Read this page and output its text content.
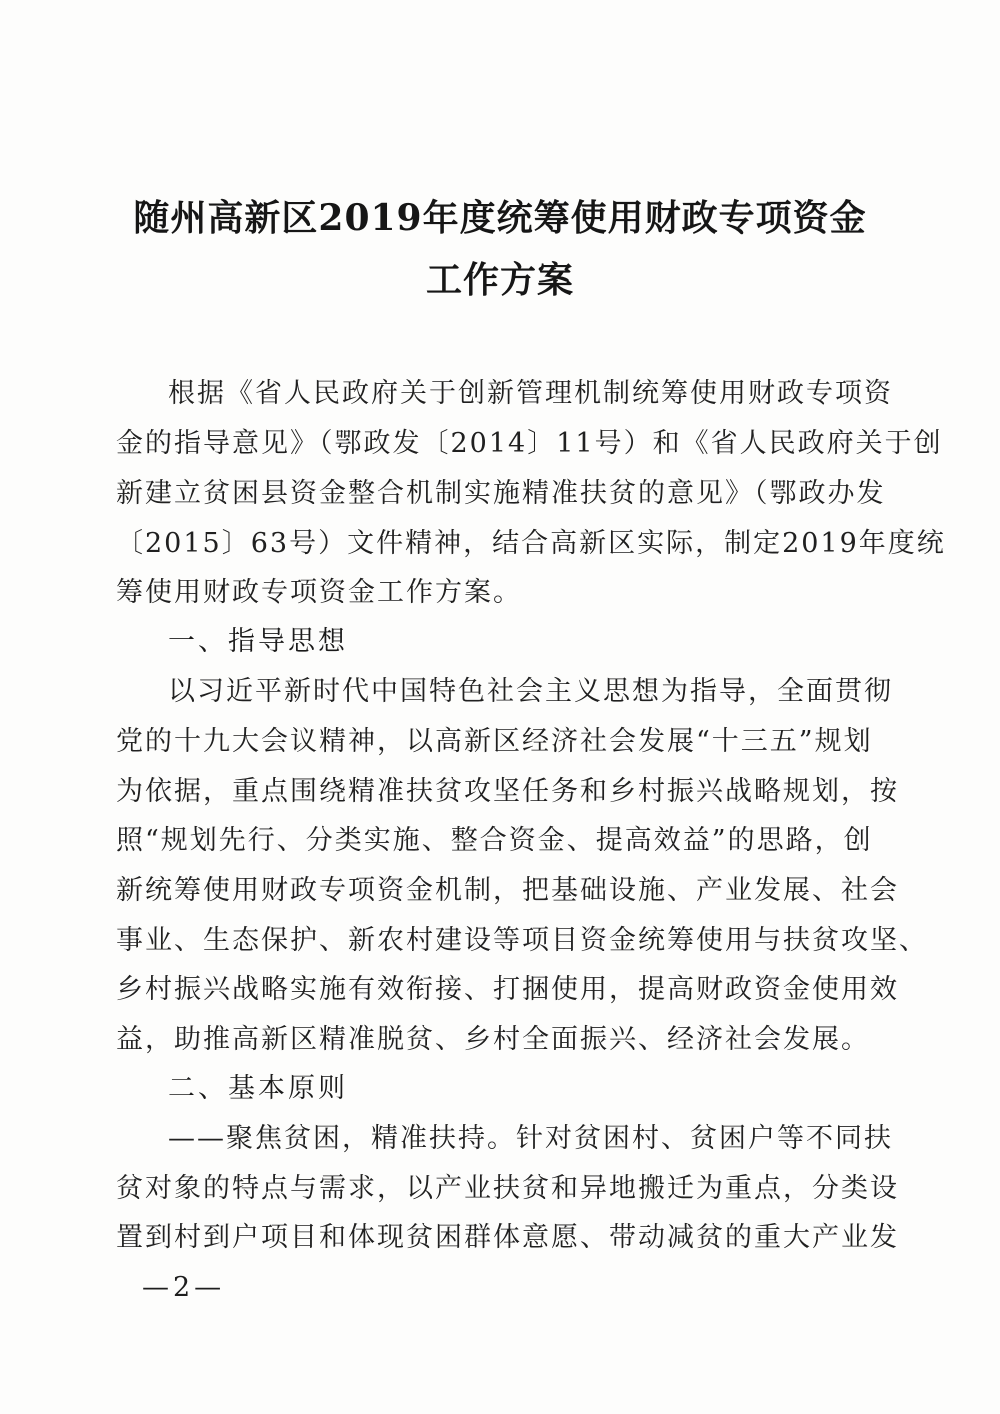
随州高新区2019年度统筹使用财政专项资金
工作方案
根据《省人民政府关于创新管理机制统筹使用财政专项资
金的指导意见》（鄂政发〔2014〕11号）和《省人民政府关于创
新建立贫困县资金整合机制实施精准扶贫的意见》（鄂政办发
〔2015〕63号）文件精神，结合高新区实际，制定2019年度统
筹使用财政专项资金工作方案。
一、指导思想
以习近平新时代中国特色社会主义思想为指导，全面贯彻
党的十九大会议精神，以高新区经济社会发展“十三五”规划
为依据，重点围绕精准扶贫攻坚任务和乡村振兴战略规划，按
照“规划先行、分类实施、整合资金、提高效益”的思路，创
新统筹使用财政专项资金机制，把基础设施、产业发展、社会
事业、生态保护、新农村建设等项目资金统筹使用与扶贫攻坚、
乡村振兴战略实施有效衔接、打捆使用，提高财政资金使用效
益，助推高新区精准脱贫、乡村全面振兴、经济社会发展。
二、基本原则
——聚焦贫困，精准扶持。针对贫困村、贫困户等不同扶
贫对象的特点与需求，以产业扶贫和异地搬迁为重点，分类设
置到村到户项目和体现贫困群体意愿、带动减贫的重大产业发
—2—
